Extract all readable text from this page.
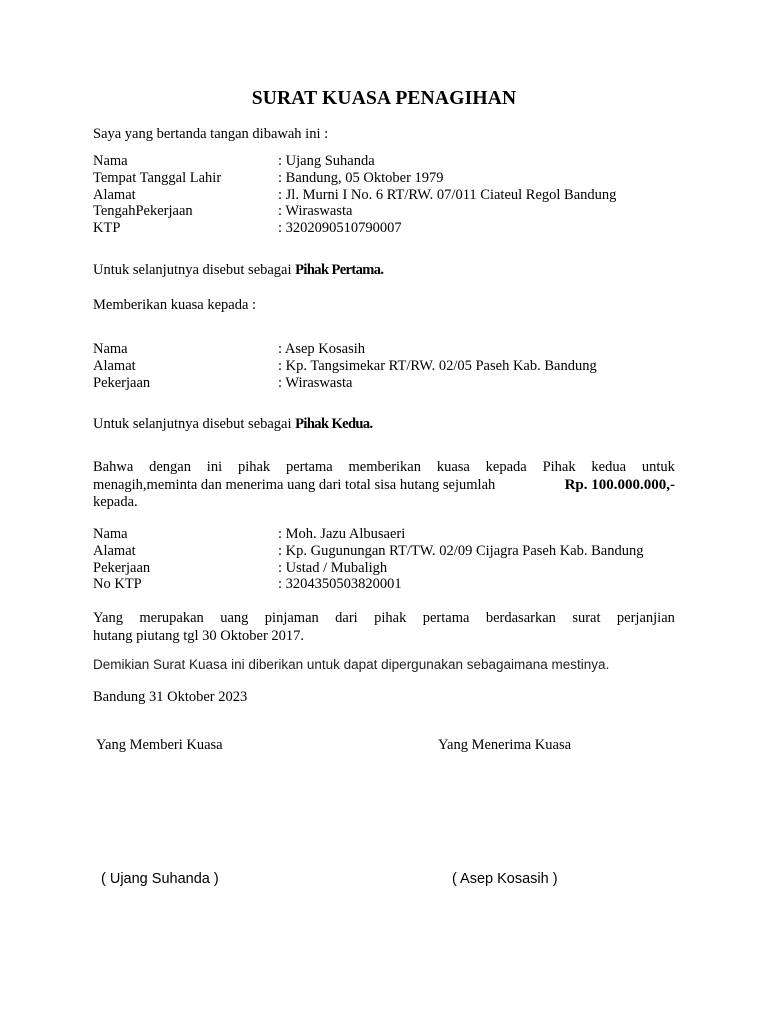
SURAT KUASA PENAGIHAN
Saya yang bertanda tangan dibawah ini :
Nama	: Ujang Suhanda
Tempat Tanggal Lahir	: Bandung, 05 Oktober 1979
Alamat	: Jl. Murni I No. 6 RT/RW. 07/011 Ciateul Regol Bandung
TengahPekerjaan	: Wiraswasta
KTP	: 3202090510790007
Untuk selanjutnya disebut sebagai Pihak Pertama.
Memberikan kuasa kepada :
Nama	: Asep Kosasih
Alamat	: Kp. Tangsimekar RT/RW. 02/05 Paseh Kab. Bandung
Pekerjaan	: Wiraswasta
Untuk selanjutnya disebut sebagai Pihak Kedua.
Bahwa dengan ini pihak pertama memberikan kuasa kepada Pihak kedua untuk
menagih,meminta dan menerima uang dari total sisa hutang sejumlah	Rp. 100.000.000,-
kepada.
Nama	: Moh. Jazu Albusaeri
Alamat	: Kp. Gugunungan RT/TW. 02/09 Cijagra Paseh Kab. Bandung
Pekerjaan	: Ustad / Mubaligh
No KTP	: 3204350503820001
Yang merupakan uang pinjaman dari pihak pertama berdasarkan surat perjanjian
hutang piutang tgl 30 Oktober 2017.
Demikian Surat Kuasa ini diberikan untuk dapat dipergunakan sebagaimana mestinya.
Bandung 31 Oktober 2023
Yang Memberi Kuasa	Yang Menerima Kuasa
( Ujang Suhanda )	( Asep Kosasih )
